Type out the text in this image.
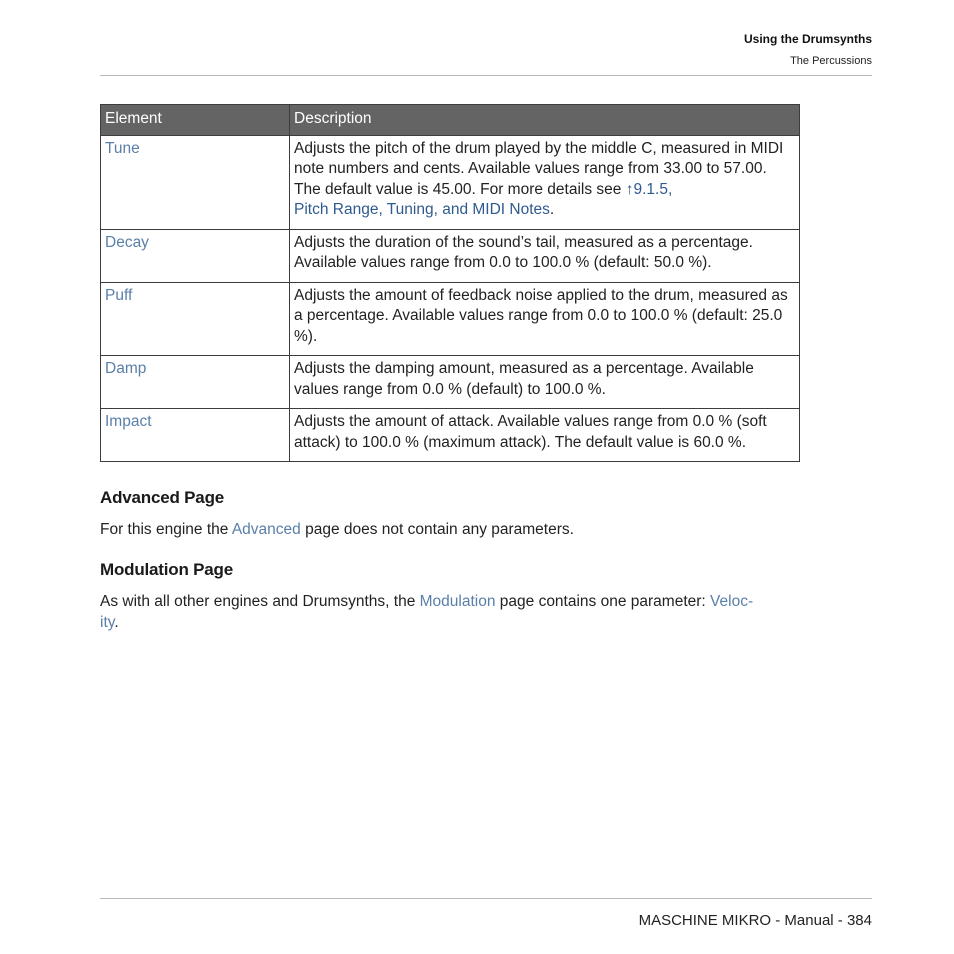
Using the Drumsynths
The Percussions
Element	Description
Tune	Adjusts the pitch of the drum played by the middle C, measured in MIDI note numbers and cents. Available values range from 33.00 to 57.00. The default value is 45.00. For more details see ↑9.1.5,
Pitch Range, Tuning, and MIDI Notes.
Decay	Adjusts the duration of the sound’s tail, measured as a percentage. Available values range from 0.0 to 100.0 % (default: 50.0 %).
Puff	Adjusts the amount of feedback noise applied to the drum, measured as a percentage. Available values range from 0.0 to 100.0 % (default: 25.0 %).
Damp	Adjusts the damping amount, measured as a percentage. Available values range from 0.0 % (default) to 100.0 %.
Impact	Adjusts the amount of attack. Available values range from 0.0 % (soft attack) to 100.0 % (maximum attack). The default value is 60.0 %.
Advanced Page
For this engine the Advanced page does not contain any parameters.
Modulation Page
As with all other engines and Drumsynths, the Modulation page contains one parameter: Veloc-
ity.
MASCHINE MIKRO - Manual - 384
